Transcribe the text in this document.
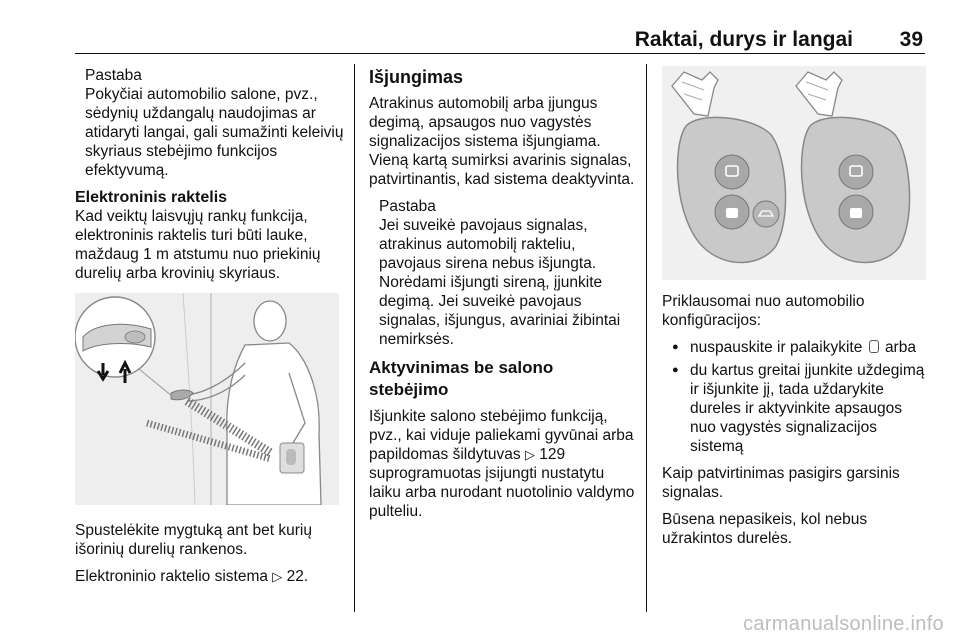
Raktai, durys ir langai 39
Pastaba
Pokyčiai automobilio salone, pvz., sėdynių uždangalų naudojimas ar atidaryti langai, gali sumažinti keleivių skyriaus stebėjimo funkcijos efektyvumą.
Elektroninis raktelis

Kad veiktų laisvųjų rankų funkcija, elektroninis raktelis turi būti lauke, maždaug 1 m atstumu nuo priekinių durelių arba krovinių skyriaus.

Spustelėkite mygtuką ant bet kurių išorinių durelių rankenos.

Elektroninio raktelio sistema ▷ 22.

Išjungimas

Atrakinus automobilį arba įjungus degimą, apsaugos nuo vagystės signalizacijos sistema išjungiama. Vieną kartą sumirksi avarinis signalas, patvirtinantis, kad sistema deaktyvinta.

Pastaba
Jei suveikė pavojaus signalas, atrakinus automobilį rakteliu, pavojaus sirena nebus išjungta. Norėdami išjungti sireną, įjunkite degimą. Jei suveikė pavojaus signalas, išjungus, avariniai žibintai nemirksės.
Aktyvinimas be salono stebėjimo

Išjunkite salono stebėjimo funkciją, pvz., kai viduje paliekami gyvūnai arba papildomas šildytuvas ▷ 129 suprogramuotas įsijungti nustatytu laiku arba nurodant nuotolinio valdymo pulteliu.

Priklausomai nuo automobilio konfigūracijos:

● nuspauskite ir palaikykite arba
● du kartus greitai įjunkite uždegimą ir išjunkite jį, tada uždarykite dureles ir aktyvinkite apsaugos nuo vagystės signalizacijos sistemą

Kaip patvirtinimas pasigirs garsinis signalas.

Būsena nepasikeis, kol nebus užrakintos durelės.

carmanualsonline.info
